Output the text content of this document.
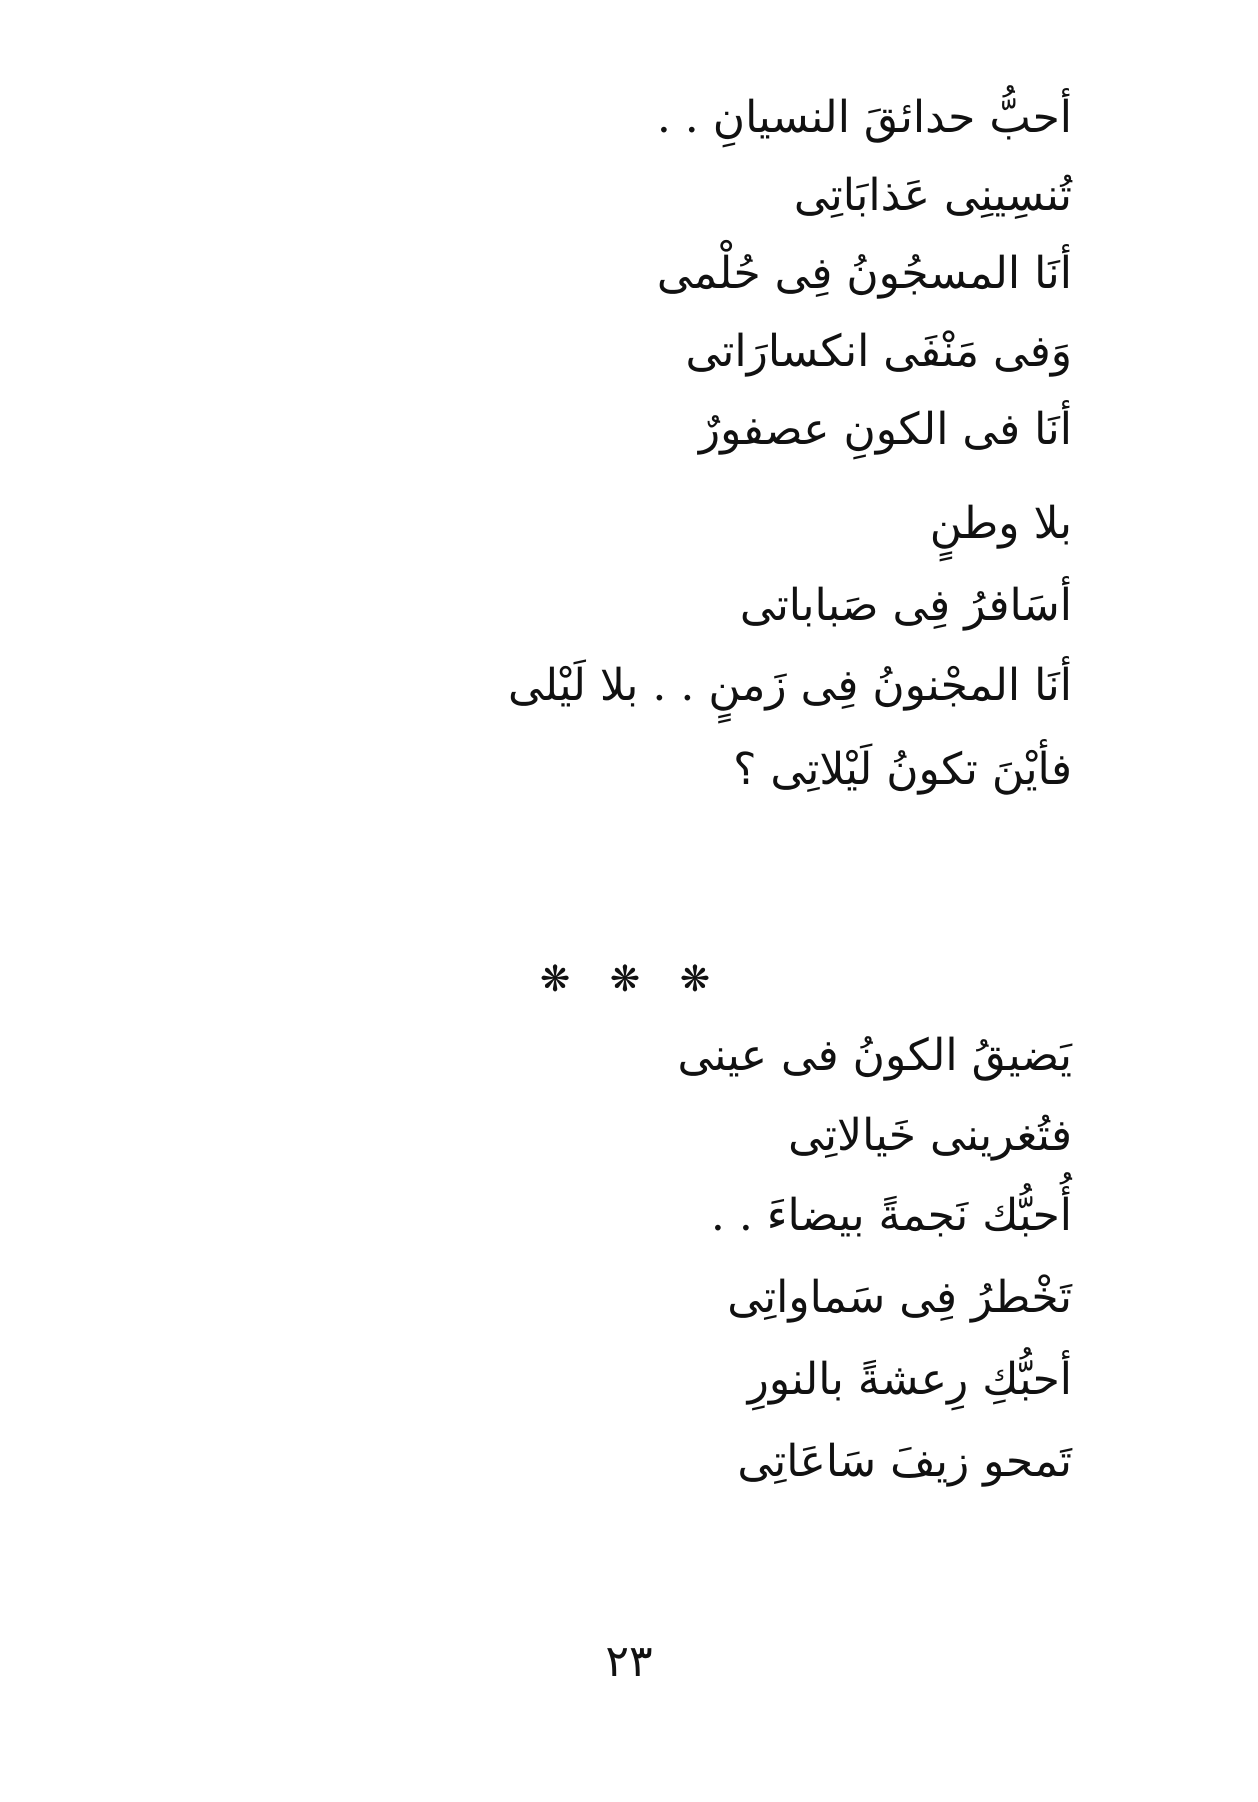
أحبُّ حدائقَ النسيانِ . .
تُنسِينِى عَذابَاتِى
أنَا المسجُونُ فِى حُلْمى
وَفى مَنْفَى انكسارَاتى
أنَا فى الكونِ عصفورٌ
بلا وطنٍ
أسَافرُ فِى صَباباتى
أنَا المجْنونُ فِى زَمنٍ . . بلا لَيْلى
فأيْنَ تكونُ لَيْلاتِى ؟
❋ ❋ ❋
يَضيقُ الكونُ فى عينى
فتُغرينى خَيالاتِى
أُحبُّك نَجمةً بيضاءَ . .
تَخْطرُ فِى سَماواتِى
أحبُّكِ رِعشةً بالنورِ
تَمحو زيفَ سَاعَاتِى
٢٣
